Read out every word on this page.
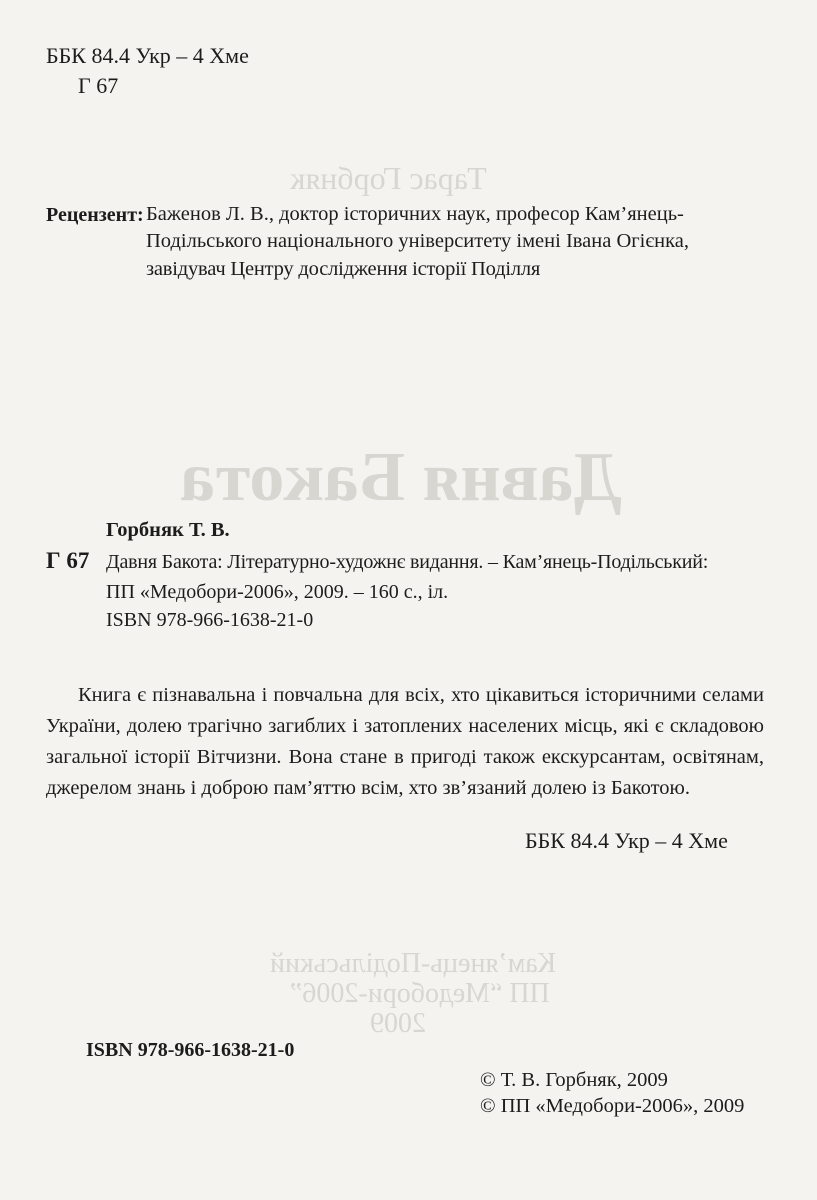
Тарас Горбняк
Давня Бакота
Кам’янець-Подільський
ПП “Медобори-2006”
2009
ББК 84.4 Укр – 4 Хме
Г 67
Рецензент: Баженов Л. В., доктор історичних наук, професор Кам’янець-
Подільського національного університету імені Івана Огієнка,
завідувач Центру дослідження історії Поділля
Горбняк Т. В.
Г 67 Давня Бакота: Літературно-художнє видання. – Кам’янець-Подільський:
ПП «Медобори-2006», 2009. – 160 с., іл.
ISBN 978-966-1638-21-0

Книга є пізнавальна і повчальна для всіх, хто цікавиться історичними селами України, долею трагічно загиблих і затоплених населених місць, які є складовою загальної історії Вітчизни. Вона стане в пригоді також екскурсантам, освітянам, джерелом знань і доброю пам’яттю всім, хто зв’язаний долею із Бакотою.

ББК 84.4 Укр – 4 Хме
ISBN 978-966-1638-21-0
© Т. В. Горбняк, 2009
© ПП «Медобори-2006», 2009
